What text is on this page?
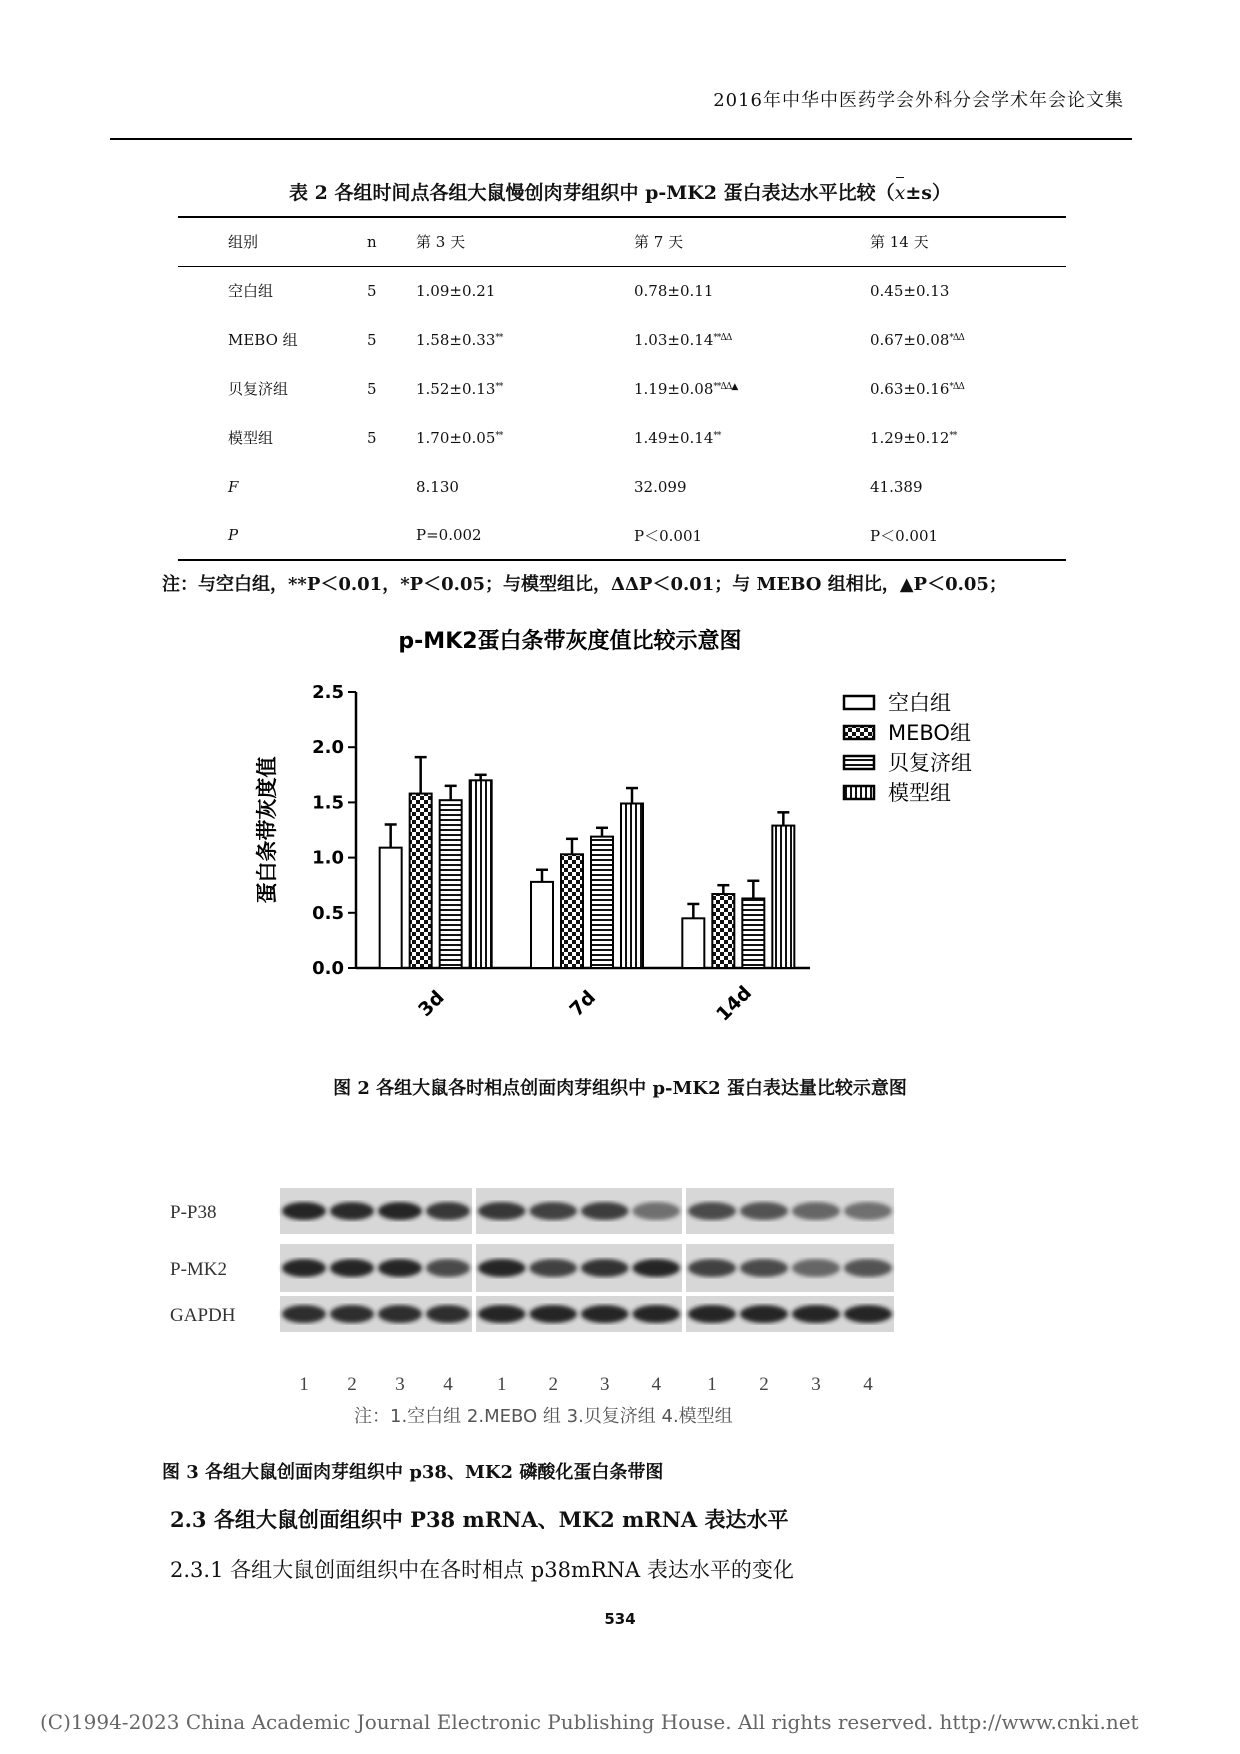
2016年中华中医药学会外科分会学术年会论文集
表 2 各组时间点各组大鼠慢创肉芽组织中 p-MK2 蛋白表达水平比较（x±s）
组别	n	第 3 天	第 7 天	第 14 天
空白组	5	1.09±0.21	0.78±0.11	0.45±0.13
MEBO 组	5	1.58±0.33**	$1.03\pm 0.14^{**\Delta\Delta}$	$0.67\pm 0.08^{*\Delta\Delta}$
贝复济组	5	1.52±0.13**	$1.19\pm 0.08^{**\Delta\Delta▲}$	$0.63\pm 0.16^{*\Delta\Delta}$
模型组	5	1.70±0.05**	1.49±0.14**	1.29±0.12**
F		8.130	32.099	41.389
P		P=0.002	P＜0.001	P＜0.001
注：与空白组，**P＜0.01，*P＜0.05；与模型组比，ΔΔP＜0.01；与 MEBO 组相比，▲P＜0.05；
p-MK2蛋白条带灰度值比较示意图
蛋白条带灰度值
0.0
0.5
1.0
1.5
2.0
2.5
3d	7d	14d
空白组
MEBO组
贝复济组
模型组
图 2 各组大鼠各时相点创面肉芽组织中 p-MK2 蛋白表达量比较示意图
P-P38
P-MK2
GAPDH
1 2 3 4 1 2 3 4 1 2 3 4
注：1.空白组 2.MEBO 组 3.贝复济组 4.模型组
图 3 各组大鼠创面肉芽组织中 p38、MK2 磷酸化蛋白条带图
2.3 各组大鼠创面组织中 P38 mRNA、MK2 mRNA 表达水平
2.3.1 各组大鼠创面组织中在各时相点 p38mRNA 表达水平的变化
534
(C)1994-2023 China Academic Journal Electronic Publishing House. All rights reserved. http://www.cnki.net
